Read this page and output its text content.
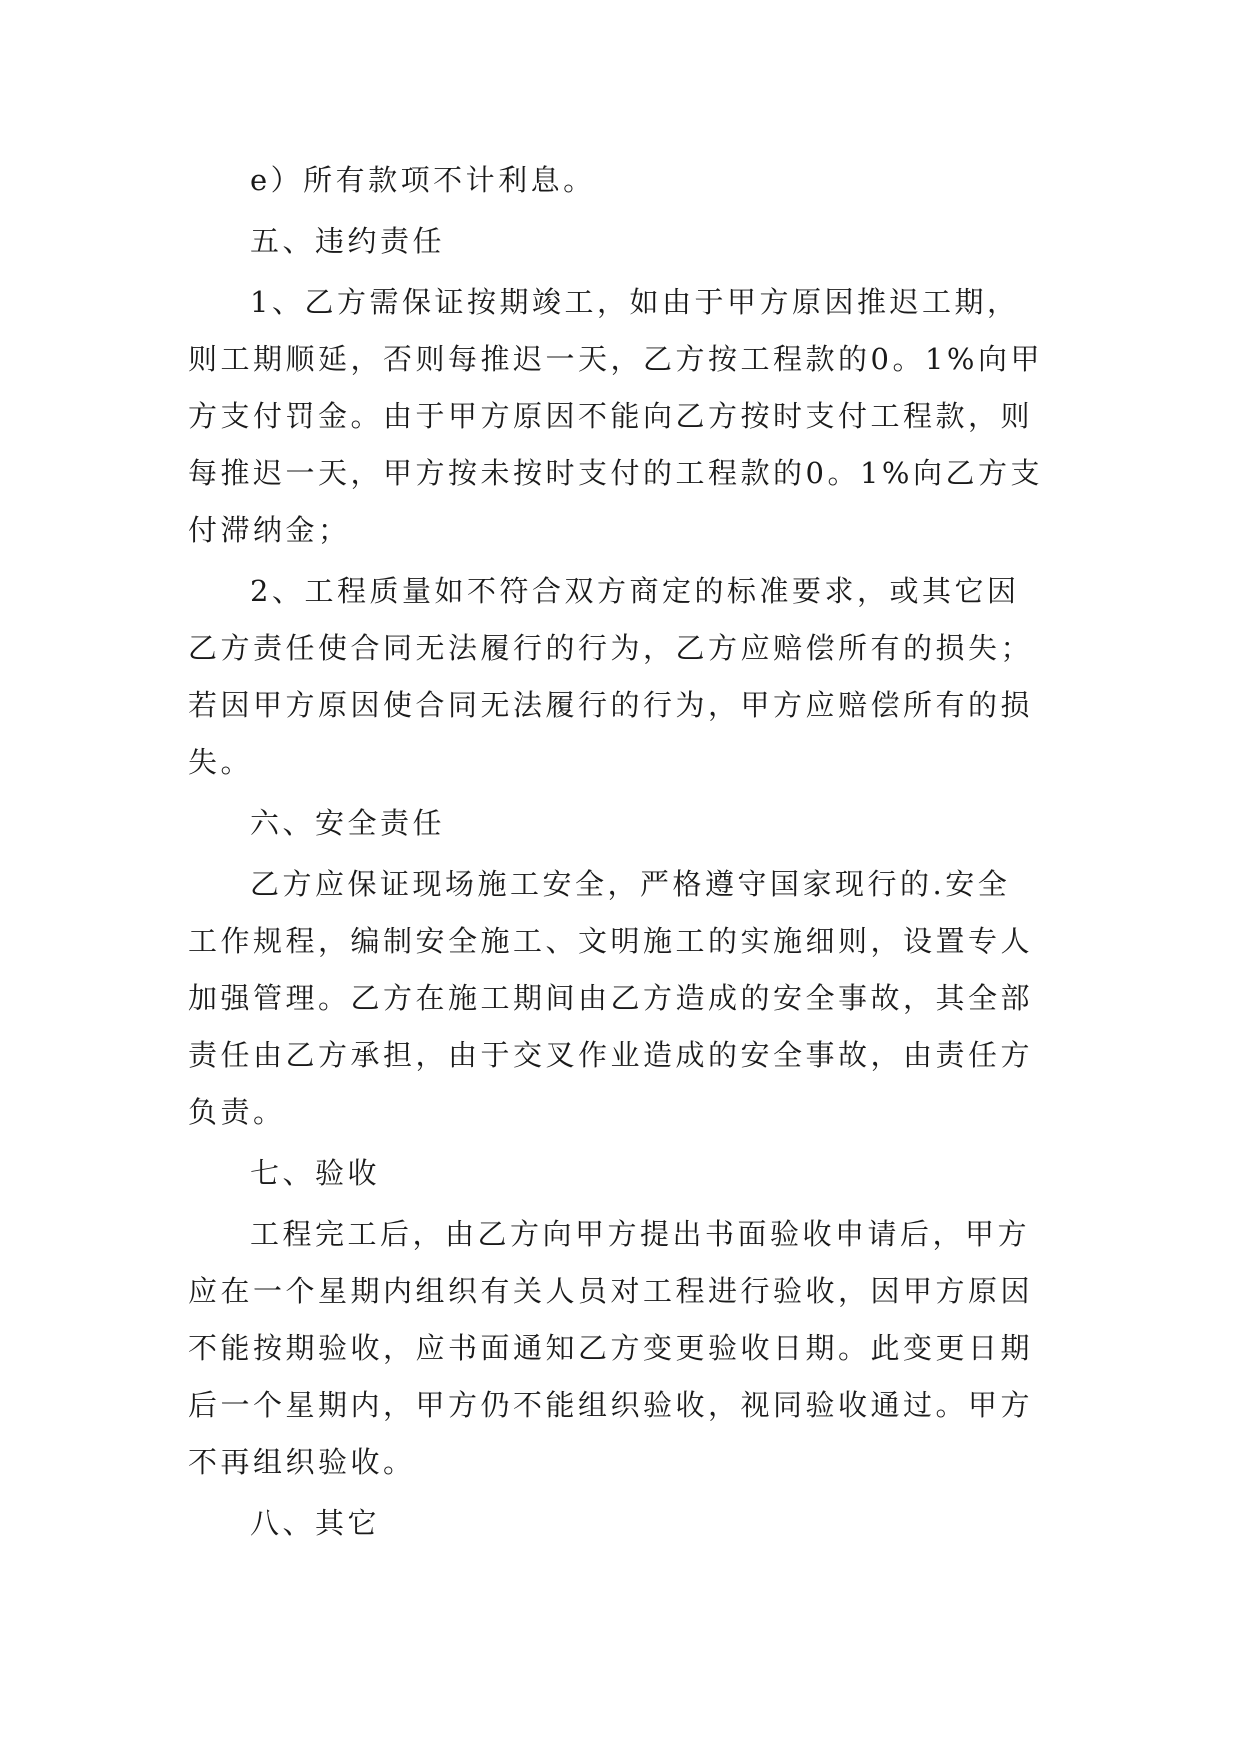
e）所有款项不计利息。
五、违约责任
1、乙方需保证按期竣工，如由于甲方原因推迟工期，
则工期顺延，否则每推迟一天，乙方按工程款的0。1%向甲
方支付罚金。由于甲方原因不能向乙方按时支付工程款，则
每推迟一天，甲方按未按时支付的工程款的0。1%向乙方支
付滞纳金；
2、工程质量如不符合双方商定的标准要求，或其它因
乙方责任使合同无法履行的行为，乙方应赔偿所有的损失；
若因甲方原因使合同无法履行的行为，甲方应赔偿所有的损
失。
六、安全责任
乙方应保证现场施工安全，严格遵守国家现行的.安全
工作规程，编制安全施工、文明施工的实施细则，设置专人
加强管理。乙方在施工期间由乙方造成的安全事故，其全部
责任由乙方承担，由于交叉作业造成的安全事故，由责任方
负责。
七、验收
工程完工后，由乙方向甲方提出书面验收申请后，甲方
应在一个星期内组织有关人员对工程进行验收，因甲方原因
不能按期验收，应书面通知乙方变更验收日期。此变更日期
后一个星期内，甲方仍不能组织验收，视同验收通过。甲方
不再组织验收。
八、其它
